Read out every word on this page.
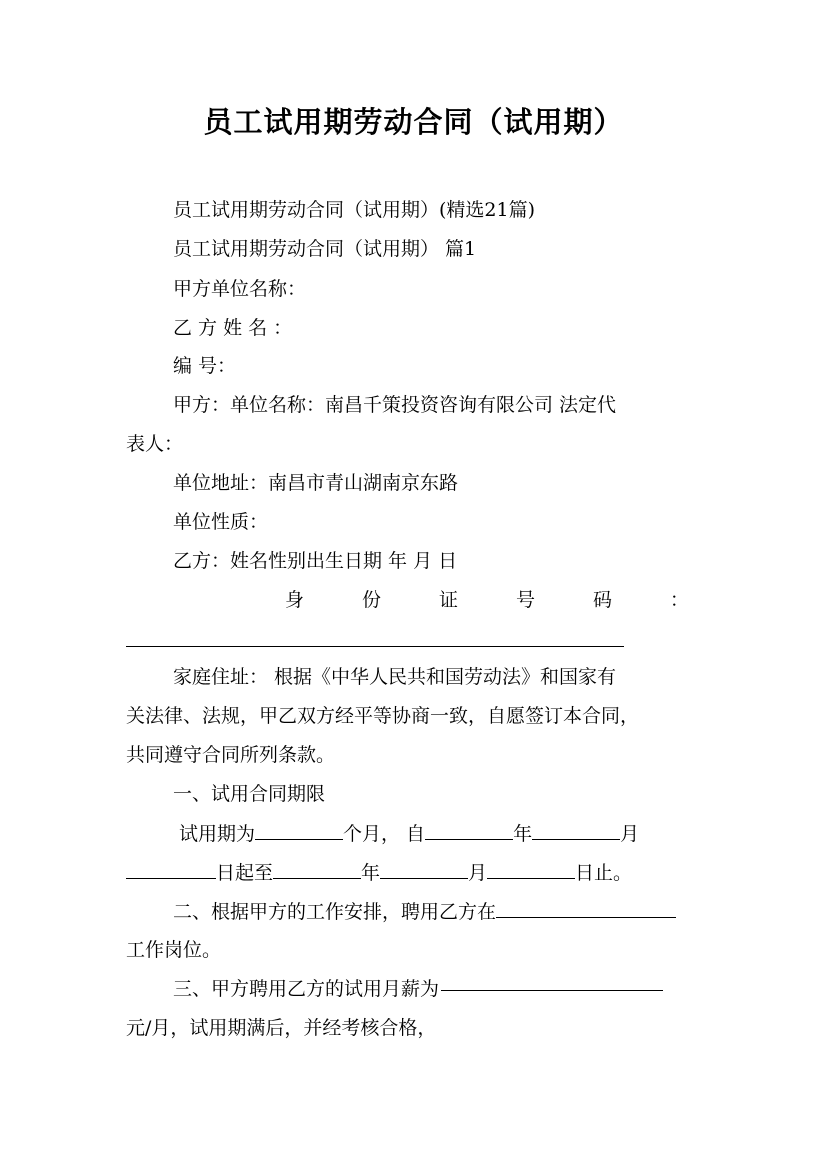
员工试用期劳动合同（试用期）
员工试用期劳动合同（试用期）(精选21篇)
员工试用期劳动合同（试用期） 篇1
甲方单位名称：
乙 方 姓 名 ：
编 号：
甲方：单位名称：南昌千策投资咨询有限公司 法定代
表人：
单位地址：南昌市青山湖南京东路
单位性质：
乙方：姓名性别出生日期 年 月 日
身	份	证	号	码	：
家庭住址： 根据《中华人民共和国劳动法》和国家有
关法律、法规，甲乙双方经平等协商一致，自愿签订本合同，
共同遵守合同所列条款。
一、试用合同期限
试用期为	个月， 自	年	月
日起至	年	月	日止。
二、根据甲方的工作安排，聘用乙方在
工作岗位。
三、甲方聘用乙方的试用月薪为
元/月，试用期满后，并经考核合格，
